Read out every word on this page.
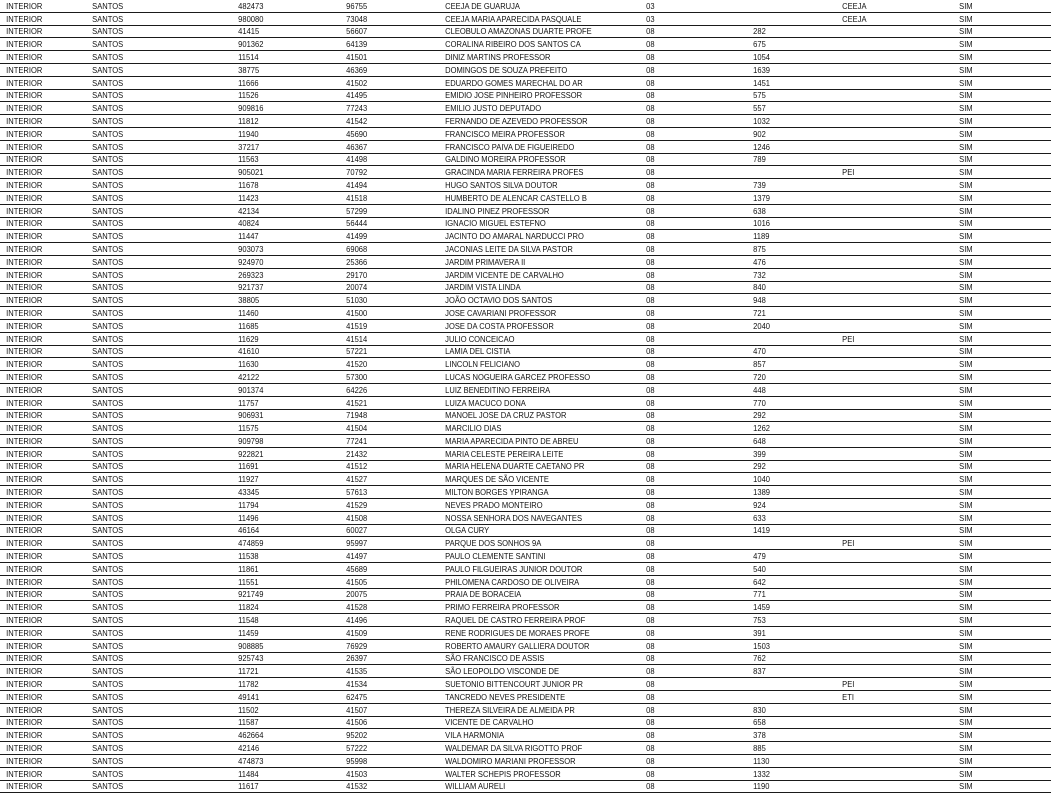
INTERIOR	SANTOS	482473	96755	CEEJA DE GUARUJA	03		CEEJA	SIM
INTERIOR	SANTOS	980080	73048	CEEJA MARIA APARECIDA PASQUALE	03		CEEJA	SIM
INTERIOR	SANTOS	41415	56607	CLEOBULO AMAZONAS DUARTE PROFE	08	282		SIM
INTERIOR	SANTOS	901362	64139	CORALINA RIBEIRO DOS SANTOS CA	08	675		SIM
INTERIOR	SANTOS	11514	41501	DINIZ MARTINS PROFESSOR	08	1054		SIM
INTERIOR	SANTOS	38775	46369	DOMINGOS DE SOUZA PREFEITO	08	1639		SIM
INTERIOR	SANTOS	11666	41502	EDUARDO GOMES MARECHAL DO AR	08	1451		SIM
INTERIOR	SANTOS	11526	41495	EMIDIO JOSE PINHEIRO PROFESSOR	08	575		SIM
INTERIOR	SANTOS	909816	77243	EMILIO JUSTO DEPUTADO	08	557		SIM
INTERIOR	SANTOS	11812	41542	FERNANDO DE AZEVEDO PROFESSOR	08	1032		SIM
INTERIOR	SANTOS	11940	45690	FRANCISCO MEIRA PROFESSOR	08	902		SIM
INTERIOR	SANTOS	37217	46367	FRANCISCO PAIVA DE FIGUEIREDO	08	1246		SIM
INTERIOR	SANTOS	11563	41498	GALDINO MOREIRA PROFESSOR	08	789		SIM
INTERIOR	SANTOS	905021	70792	GRACINDA MARIA FERREIRA PROFES	08		PEI	SIM
INTERIOR	SANTOS	11678	41494	HUGO SANTOS SILVA DOUTOR	08	739		SIM
INTERIOR	SANTOS	11423	41518	HUMBERTO DE ALENCAR CASTELLO B	08	1379		SIM
INTERIOR	SANTOS	42134	57299	IDALINO PINEZ PROFESSOR	08	638		SIM
INTERIOR	SANTOS	40824	56444	IGNACIO MIGUEL ESTEFNO	08	1016		SIM
INTERIOR	SANTOS	11447	41499	JACINTO DO AMARAL NARDUCCI PRO	08	1189		SIM
INTERIOR	SANTOS	903073	69068	JACONIAS LEITE DA SILVA PASTOR	08	875		SIM
INTERIOR	SANTOS	924970	25366	JARDIM PRIMAVERA II	08	476		SIM
INTERIOR	SANTOS	269323	29170	JARDIM VICENTE DE CARVALHO	08	732		SIM
INTERIOR	SANTOS	921737	20074	JARDIM VISTA LINDA	08	840		SIM
INTERIOR	SANTOS	38805	51030	JOÃO OCTAVIO DOS SANTOS	08	948		SIM
INTERIOR	SANTOS	11460	41500	JOSE CAVARIANI PROFESSOR	08	721		SIM
INTERIOR	SANTOS	11685	41519	JOSE DA COSTA PROFESSOR	08	2040		SIM
INTERIOR	SANTOS	11629	41514	JULIO CONCEICAO	08		PEI	SIM
INTERIOR	SANTOS	41610	57221	LAMIA DEL CISTIA	08	470		SIM
INTERIOR	SANTOS	11630	41520	LINCOLN FELICIANO	08	857		SIM
INTERIOR	SANTOS	42122	57300	LUCAS NOGUEIRA GARCEZ PROFESSO	08	720		SIM
INTERIOR	SANTOS	901374	64226	LUIZ BENEDITINO FERREIRA	08	448		SIM
INTERIOR	SANTOS	11757	41521	LUIZA MACUCO DONA	08	770		SIM
INTERIOR	SANTOS	906931	71948	MANOEL JOSE DA CRUZ PASTOR	08	292		SIM
INTERIOR	SANTOS	11575	41504	MARCILIO DIAS	08	1262		SIM
INTERIOR	SANTOS	909798	77241	MARIA APARECIDA PINTO DE ABREU	08	648		SIM
INTERIOR	SANTOS	922821	21432	MARIA CELESTE PEREIRA LEITE	08	399		SIM
INTERIOR	SANTOS	11691	41512	MARIA HELENA DUARTE CAETANO PR	08	292		SIM
INTERIOR	SANTOS	11927	41527	MARQUES DE SÃO VICENTE	08	1040		SIM
INTERIOR	SANTOS	43345	57613	MILTON BORGES YPIRANGA	08	1389		SIM
INTERIOR	SANTOS	11794	41529	NEVES PRADO MONTEIRO	08	924		SIM
INTERIOR	SANTOS	11496	41508	NOSSA SENHORA DOS NAVEGANTES	08	633		SIM
INTERIOR	SANTOS	46164	60027	OLGA CURY	08	1419		SIM
INTERIOR	SANTOS	474859	95997	PARQUE DOS SONHOS 9A	08		PEI	SIM
INTERIOR	SANTOS	11538	41497	PAULO CLEMENTE SANTINI	08	479		SIM
INTERIOR	SANTOS	11861	45689	PAULO FILGUEIRAS JUNIOR DOUTOR	08	540		SIM
INTERIOR	SANTOS	11551	41505	PHILOMENA CARDOSO DE OLIVEIRA	08	642		SIM
INTERIOR	SANTOS	921749	20075	PRAIA DE BORACEIA	08	771		SIM
INTERIOR	SANTOS	11824	41528	PRIMO FERREIRA PROFESSOR	08	1459		SIM
INTERIOR	SANTOS	11548	41496	RAQUEL DE CASTRO FERREIRA PROF	08	753		SIM
INTERIOR	SANTOS	11459	41509	RENE RODRIGUES DE MORAES PROFE	08	391		SIM
INTERIOR	SANTOS	908885	76929	ROBERTO AMAURY GALLIERA DOUTOR	08	1503		SIM
INTERIOR	SANTOS	925743	26397	SÃO FRANCISCO DE ASSIS	08	762		SIM
INTERIOR	SANTOS	11721	41535	SÃO LEOPOLDO VISCONDE DE	08	837		SIM
INTERIOR	SANTOS	11782	41534	SUETONIO BITTENCOURT JUNIOR PR	08		PEI	SIM
INTERIOR	SANTOS	49141	62475	TANCREDO NEVES PRESIDENTE	08		ETI	SIM
INTERIOR	SANTOS	11502	41507	THEREZA SILVEIRA DE ALMEIDA PR	08	830		SIM
INTERIOR	SANTOS	11587	41506	VICENTE DE CARVALHO	08	658		SIM
INTERIOR	SANTOS	462664	95202	VILA HARMONIA	08	378		SIM
INTERIOR	SANTOS	42146	57222	WALDEMAR DA SILVA RIGOTTO PROF	08	885		SIM
INTERIOR	SANTOS	474873	95998	WALDOMIRO MARIANI PROFESSOR	08	1130		SIM
INTERIOR	SANTOS	11484	41503	WALTER SCHEPIS PROFESSOR	08	1332		SIM
INTERIOR	SANTOS	11617	41532	WILLIAM AURELI	08	1190		SIM
